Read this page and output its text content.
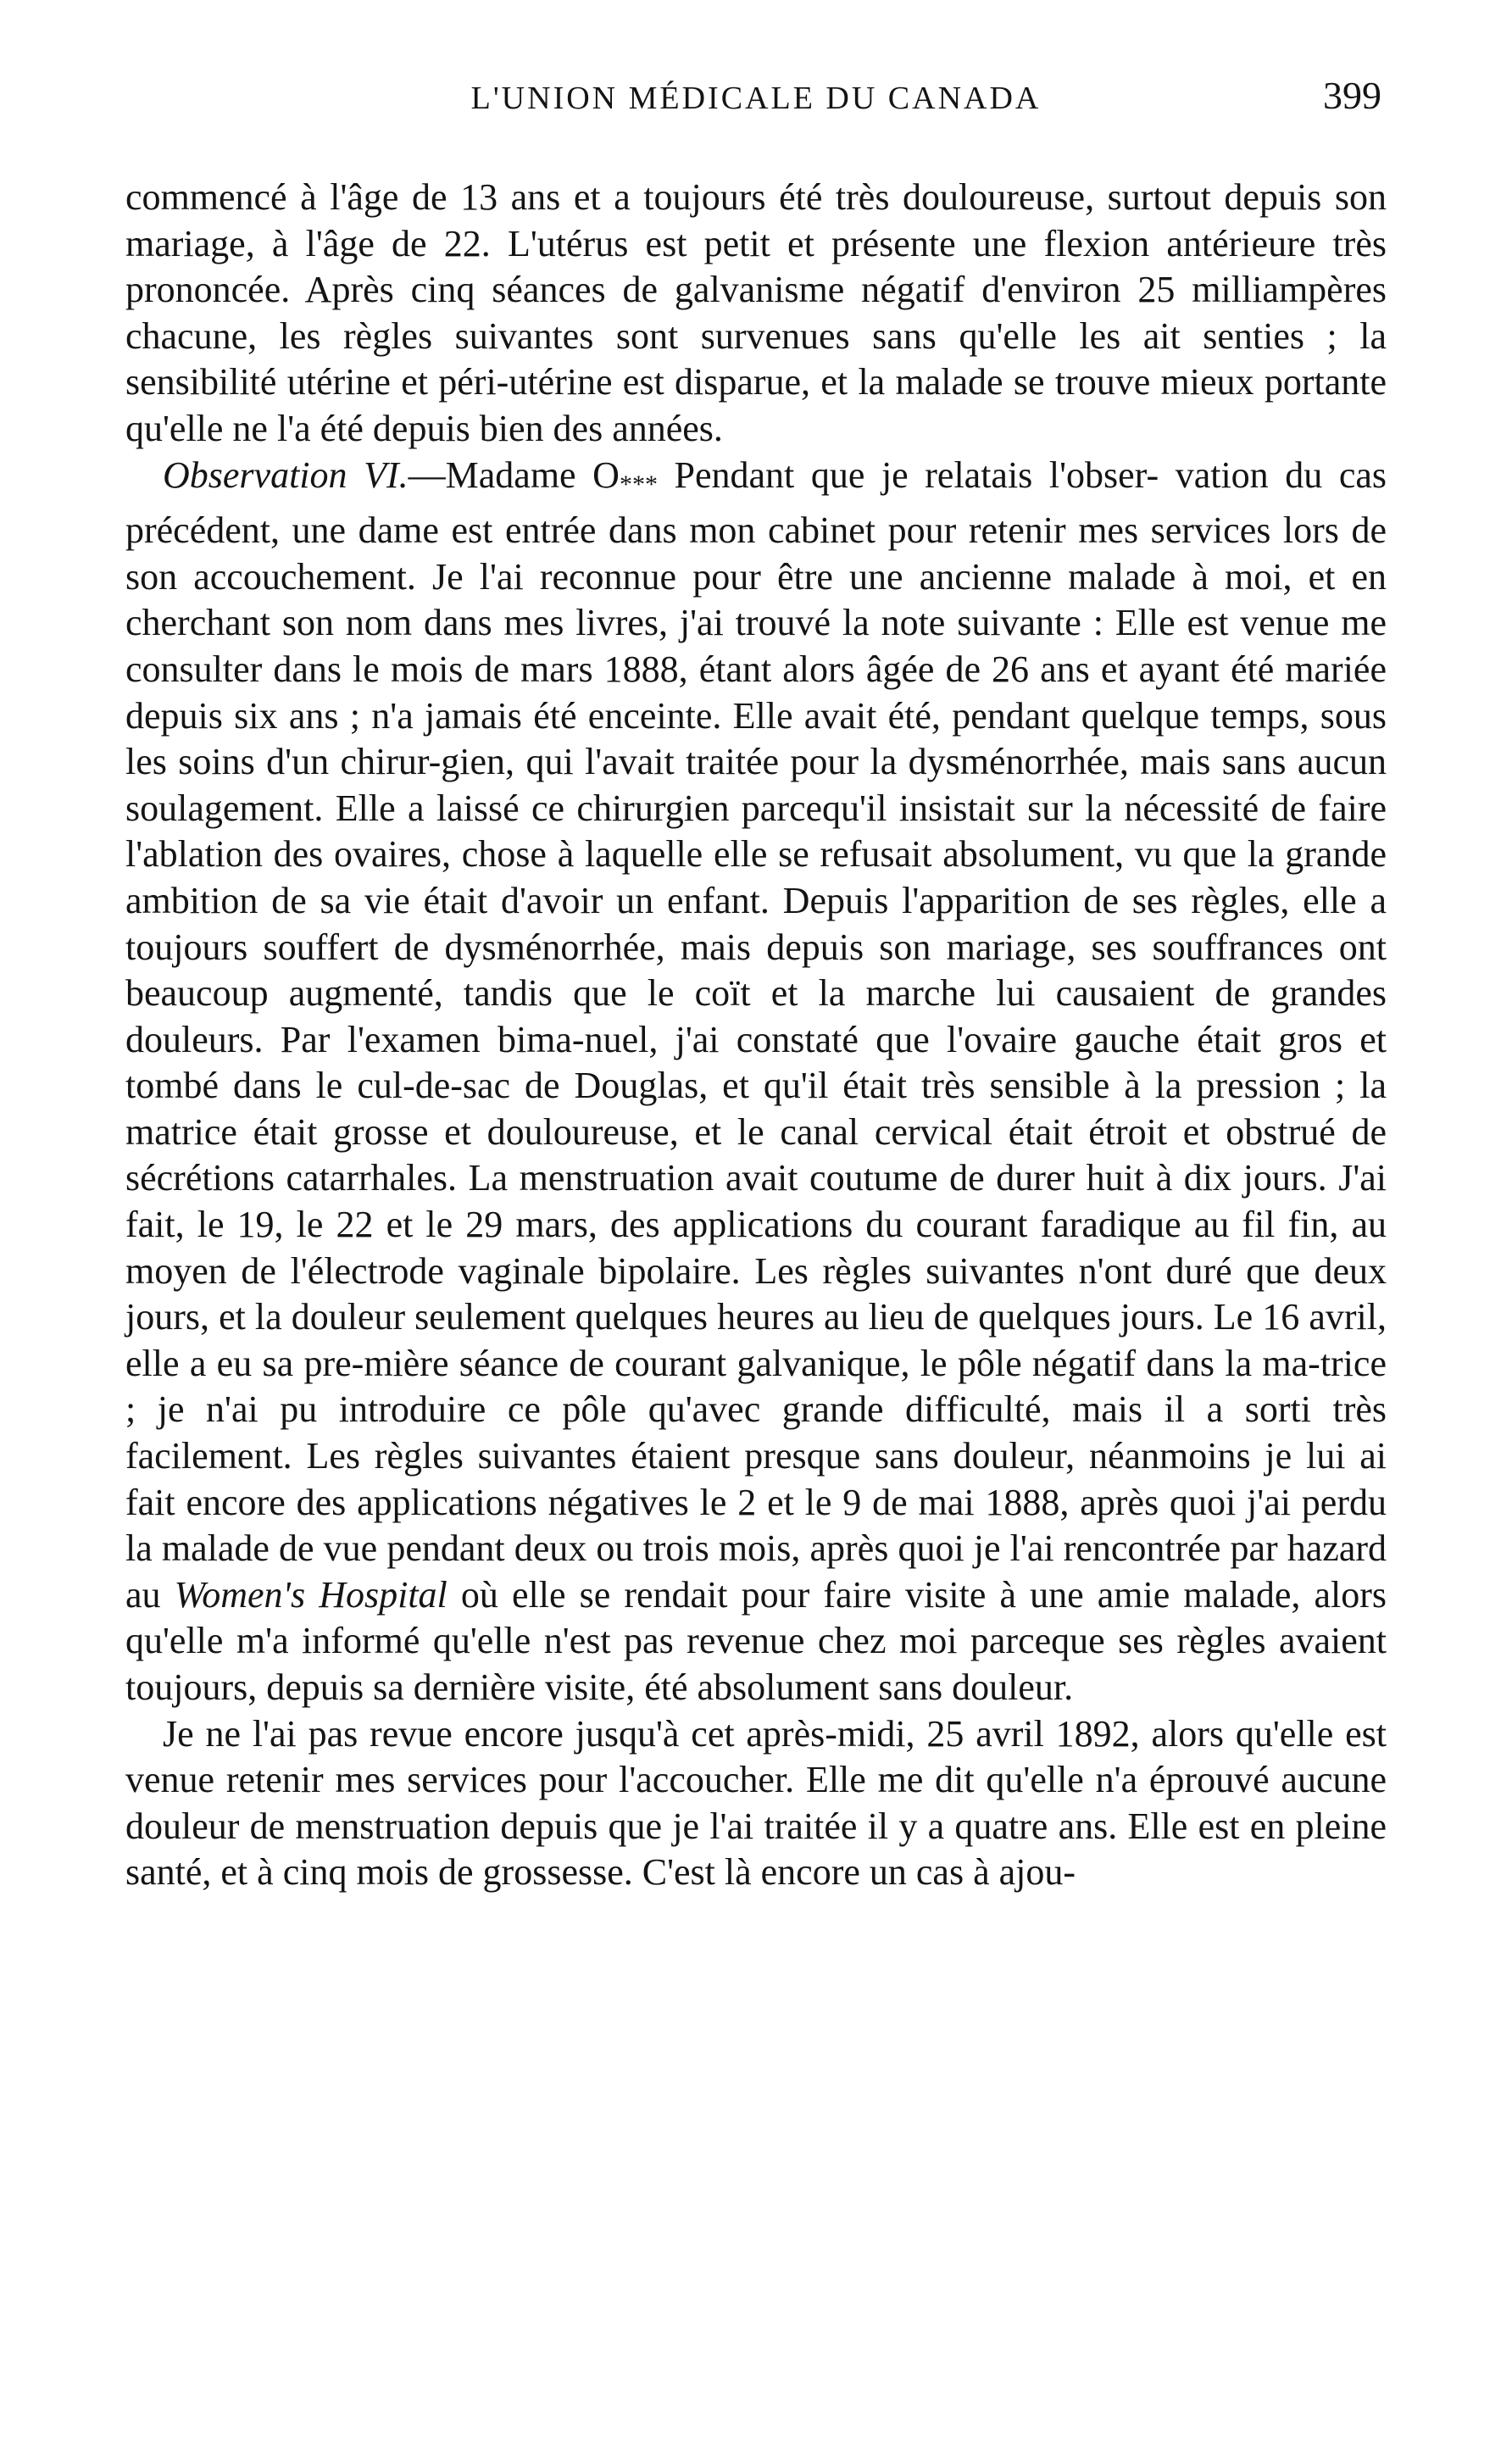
L'UNION MÉDICALE DU CANADA	399

commencé à l'âge de 13 ans et a toujours été très douloureuse, surtout depuis son mariage, à l'âge de 22. L'utérus est petit et présente une flexion antérieure très prononcée. Après cinq séances de galvanisme négatif d'environ 25 milliampères chacune, les règles suivantes sont survenues sans qu'elle les ait senties ; la sensibilité utérine et péri-utérine est disparue, et la malade se trouve mieux portante qu'elle ne l'a été depuis bien des années.

Observation VI.—Madame $O_{***}$ Pendant que je relatais l'obser- vation du cas précédent, une dame est entrée dans mon cabinet pour retenir mes services lors de son accouchement. Je l'ai reconnue pour être une ancienne malade à moi, et en cherchant son nom dans mes livres, j'ai trouvé la note suivante : Elle est venue me consulter dans le mois de mars 1888, étant alors âgée de 26 ans et ayant été mariée depuis six ans ; n'a jamais été enceinte. Elle avait été, pendant quelque temps, sous les soins d'un chirur-gien, qui l'avait traitée pour la dysménorrhée, mais sans aucun soulagement. Elle a laissé ce chirurgien parcequ'il insistait sur la nécessité de faire l'ablation des ovaires, chose à laquelle elle se refusait absolument, vu que la grande ambition de sa vie était d'avoir un enfant. Depuis l'apparition de ses règles, elle a toujours souffert de dysménorrhée, mais depuis son mariage, ses souffrances ont beaucoup augmenté, tandis que le coït et la marche lui causaient de grandes douleurs. Par l'examen bima-nuel, j'ai constaté que l'ovaire gauche était gros et tombé dans le cul-de-sac de Douglas, et qu'il était très sensible à la pression ; la matrice était grosse et douloureuse, et le canal cervical était étroit et obstrué de sécrétions catarrhales. La menstruation avait coutume de durer huit à dix jours. J'ai fait, le 19, le 22 et le 29 mars, des applications du courant faradique au fil fin, au moyen de l'électrode vaginale bipolaire. Les règles suivantes n'ont duré que deux jours, et la douleur seulement quelques heures au lieu de quelques jours. Le 16 avril, elle a eu sa pre-mière séance de courant galvanique, le pôle négatif dans la ma-trice ; je n'ai pu introduire ce pôle qu'avec grande difficulté, mais il a sorti très facilement. Les règles suivantes étaient presque sans douleur, néanmoins je lui ai fait encore des applications négatives le 2 et le 9 de mai 1888, après quoi j'ai perdu la malade de vue pendant deux ou trois mois, après quoi je l'ai rencontrée par hazard au Women's Hospital où elle se rendait pour faire visite à une amie malade, alors qu'elle m'a informé qu'elle n'est pas revenue chez moi parceque ses règles avaient toujours, depuis sa dernière visite, été absolument sans douleur.

Je ne l'ai pas revue encore jusqu'à cet après-midi, 25 avril 1892, alors qu'elle est venue retenir mes services pour l'accoucher. Elle me dit qu'elle n'a éprouvé aucune douleur de menstruation depuis que je l'ai traitée il y a quatre ans. Elle est en pleine santé, et à cinq mois de grossesse. C'est là encore un cas à ajou-
